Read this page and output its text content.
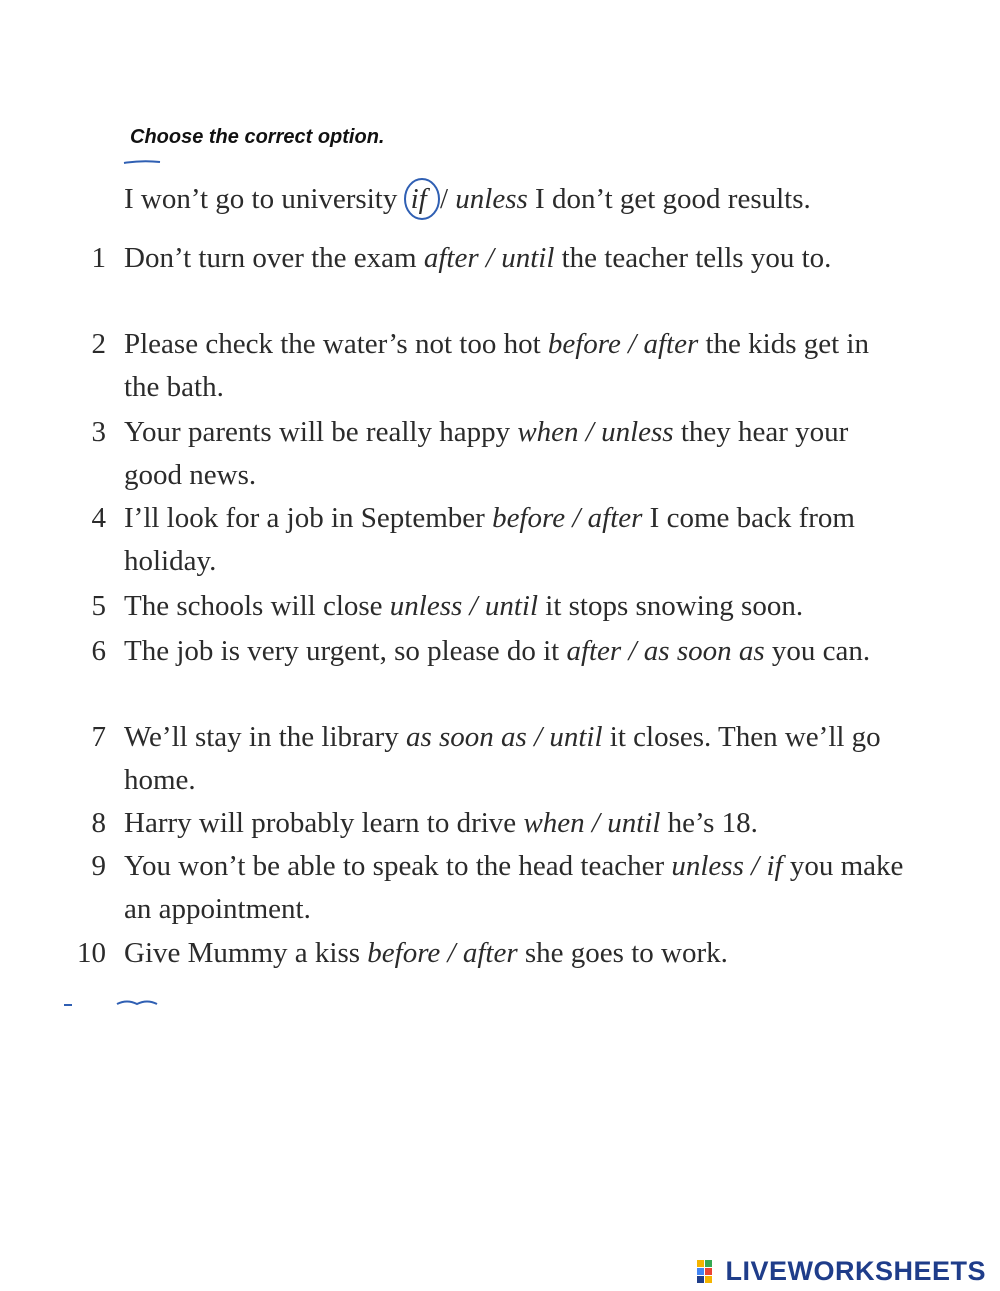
Choose the correct option.
I won’t go to university
if / unless I don’t get good results.
1 Don’t turn over the exam after / until the teacher tells you to.
2 Please check the water’s not too hot before / after the kids get in the bath.
3 Your parents will be really happy when / unless they hear your good news.
4 I’ll look for a job in September before / after I come back from holiday.
5 The schools will close unless / until it stops snowing soon.
6 The job is very urgent, so please do it after / as soon as you can.
7 We’ll stay in the library as soon as / until it closes. Then we’ll go home.
8 Harry will probably learn to drive when / until he’s 18.
9 You won’t be able to speak to the head teacher unless / if you make an appointment.
10 Give Mummy a kiss before / after she goes to work.
LIVEWORKSHEETS
